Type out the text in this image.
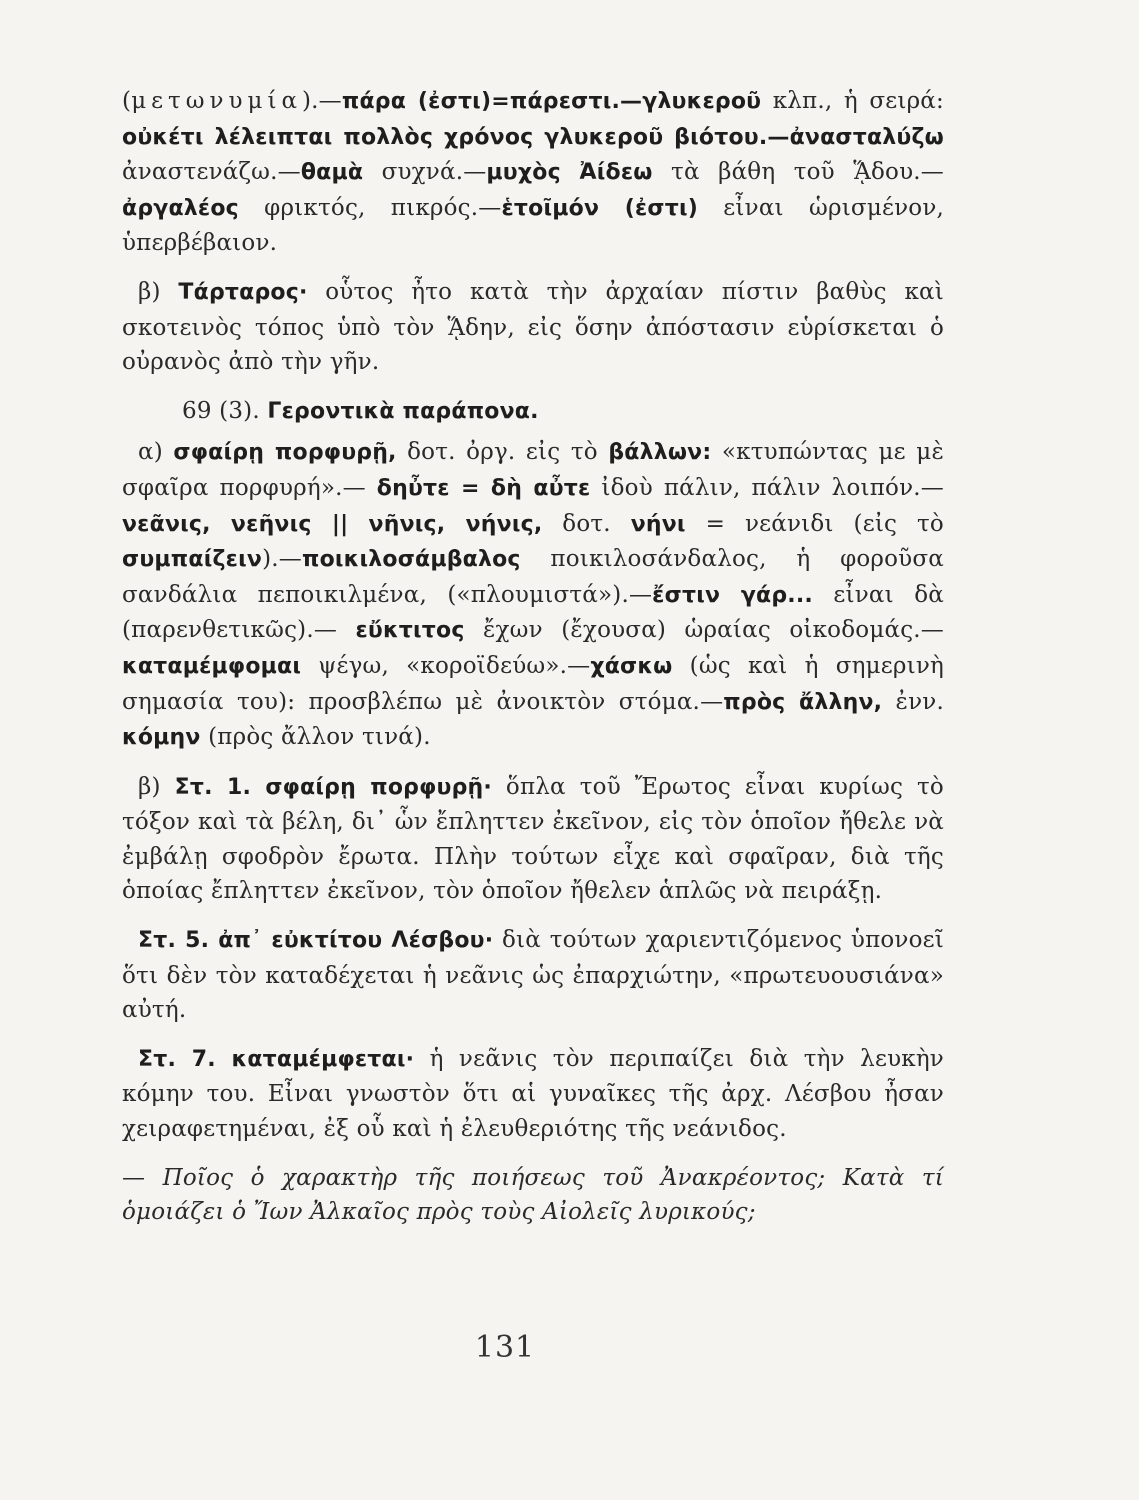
(μετωνυμία).—πάρα (ἐστι)=πάρεστι.—γλυκεροῦ κλπ., ἡ σειρά: οὐκέτι λέλειπται πολλὸς χρόνος γλυκεροῦ βιότου.—ἀνασταλύζω ἀναστενάζω.—θαμὰ συχνά.—μυχὸς Ἀίδεω τὰ βάθη τοῦ ᾍδου.—ἀργαλέος φρικτός, πικρός.—ἑτοῖμόν (ἐστι) εἶναι ὡρισμένον, ὑπερβέβαιον.

β) Τάρταρος· οὗτος ἦτο κατὰ τὴν ἀρχαίαν πίστιν βαθὺς καὶ σκοτεινὸς τόπος ὑπὸ τὸν ᾍδην, εἰς ὅσην ἀπόστασιν εὑρίσκεται ὁ οὐρανὸς ἀπὸ τὴν γῆν.

69 (3). Γεροντικὰ παράπονα.

α) σφαίρῃ πορφυρῇ, δοτ. ὀργ. εἰς τὸ βάλλων: «κτυπώντας με μὲ σφαῖρα πορφυρή».— δηὖτε = δὴ αὖτε ἰδοὺ πάλιν, πάλιν λοιπόν.— νεᾶνις, νεῆνις || νῆνις, νήνις, δοτ. νήνι = νεάνιδι (εἰς τὸ συμπαίζειν).—ποικιλοσάμβαλος ποικιλοσάνδαλος, ἡ φοροῦσα σανδάλια πεποικιλμένα, («πλουμιστά»).—ἔστιν γάρ... εἶναι δὰ (παρενθετικῶς).— εὔκτιτος ἔχων (ἔχουσα) ὡραίας οἰκοδομάς.— καταμέμφομαι ψέγω, «κοροϊδεύω».—χάσκω (ὡς καὶ ἡ σημερινὴ σημασία του): προσβλέπω μὲ ἀνοικτὸν στόμα.—πρὸς ἄλλην, ἐνν. κόμην (πρὸς ἄλλον τινά).

β) Στ. 1. σφαίρῃ πορφυρῇ· ὅπλα τοῦ Ἔρωτος εἶναι κυρίως τὸ τόξον καὶ τὰ βέλη, δι᾽ ὧν ἔπληττεν ἐκεῖνον, εἰς τὸν ὁποῖον ἤθελε νὰ ἐμβάλῃ σφοδρὸν ἔρωτα. Πλὴν τούτων εἶχε καὶ σφαῖραν, διὰ τῆς ὁποίας ἔπληττεν ἐκεῖνον, τὸν ὁποῖον ἤθελεν ἁπλῶς νὰ πειράξῃ.

Στ. 5. ἀπ᾽ εὐκτίτου Λέσβου· διὰ τούτων χαριεντιζόμενος ὑπονοεῖ ὅτι δὲν τὸν καταδέχεται ἡ νεᾶνις ὡς ἐπαρχιώτην, «πρωτευουσιάνα» αὐτή.

Στ. 7. καταμέμφεται· ἡ νεᾶνις τὸν περιπαίζει διὰ τὴν λευκὴν κόμην του. Εἶναι γνωστὸν ὅτι αἱ γυναῖκες τῆς ἀρχ. Λέσβου ἦσαν χειραφετημέναι, ἐξ οὗ καὶ ἡ ἐλευθεριότης τῆς νεάνιδος.

— Ποῖος ὁ χαρακτὴρ τῆς ποιήσεως τοῦ Ἀνακρέοντος; Κατὰ τί ὁμοιάζει ὁ Ἴων Ἀλκαῖος πρὸς τοὺς Αἰολεῖς λυρικούς;

131
